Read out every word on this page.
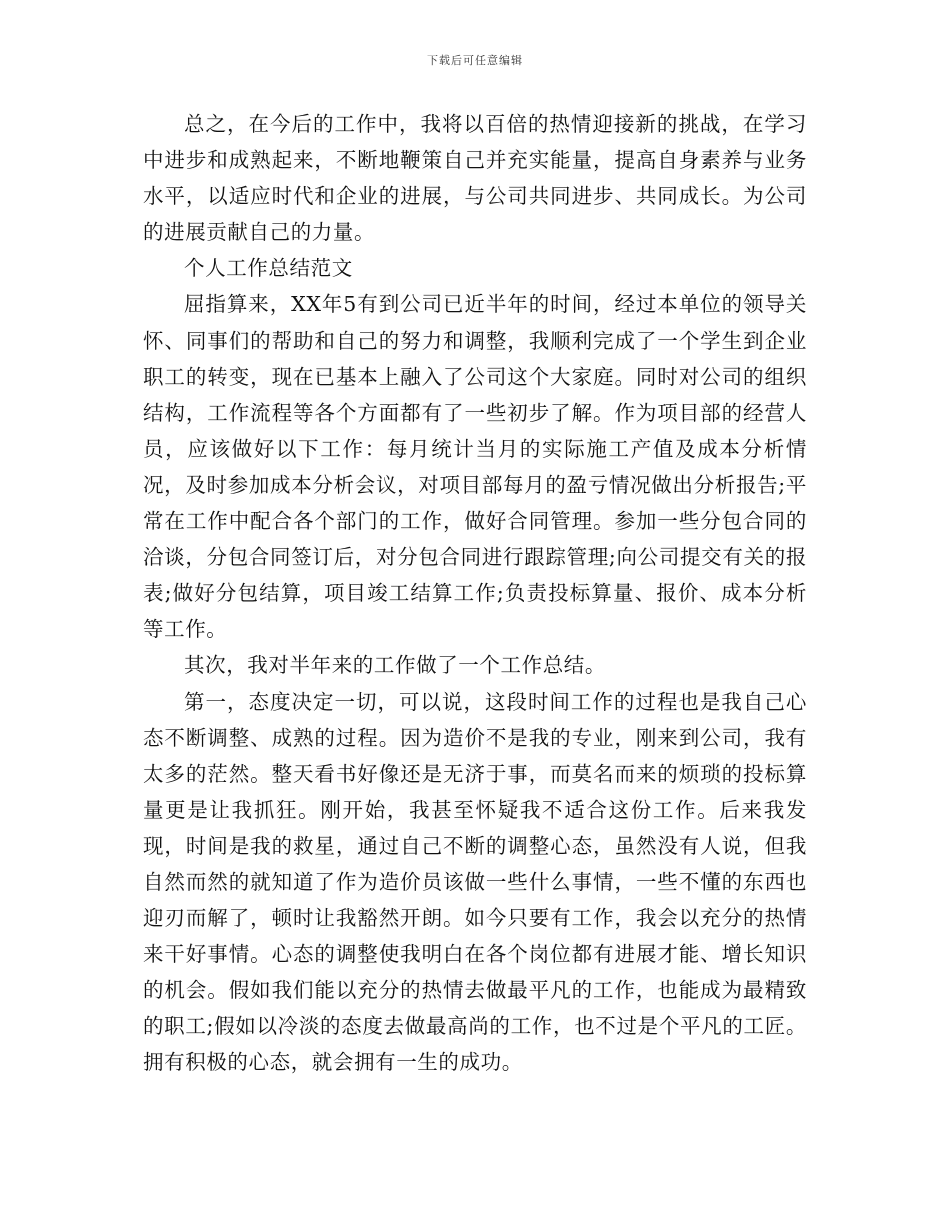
下载后可任意编辑

总之，在今后的工作中，我将以百倍的热情迎接新的挑战，在学习中进步和成熟起来，不断地鞭策自己并充实能量，提高自身素养与业务水平，以适应时代和企业的进展，与公司共同进步、共同成长。为公司的进展贡献自己的力量。

个人工作总结范文

屈指算来，XX年5有到公司已近半年的时间，经过本单位的领导关怀、同事们的帮助和自己的努力和调整，我顺利完成了一个学生到企业职工的转变，现在已基本上融入了公司这个大家庭。同时对公司的组织结构，工作流程等各个方面都有了一些初步了解。作为项目部的经营人员，应该做好以下工作：每月统计当月的实际施工产值及成本分析情况，及时参加成本分析会议，对项目部每月的盈亏情况做出分析报告;平常在工作中配合各个部门的工作，做好合同管理。参加一些分包合同的洽谈，分包合同签订后，对分包合同进行跟踪管理;向公司提交有关的报表;做好分包结算，项目竣工结算工作;负责投标算量、报价、成本分析等工作。

其次，我对半年来的工作做了一个工作总结。

第一，态度决定一切，可以说，这段时间工作的过程也是我自己心态不断调整、成熟的过程。因为造价不是我的专业，刚来到公司，我有太多的茫然。整天看书好像还是无济于事，而莫名而来的烦琐的投标算量更是让我抓狂。刚开始，我甚至怀疑我不适合这份工作。后来我发现，时间是我的救星，通过自己不断的调整心态，虽然没有人说，但我自然而然的就知道了作为造价员该做一些什么事情，一些不懂的东西也迎刃而解了，顿时让我豁然开朗。如今只要有工作，我会以充分的热情来干好事情。心态的调整使我明白在各个岗位都有进展才能、增长知识的机会。假如我们能以充分的热情去做最平凡的工作，也能成为最精致的职工;假如以冷淡的态度去做最高尚的工作，也不过是个平凡的工匠。拥有积极的心态，就会拥有一生的成功。
